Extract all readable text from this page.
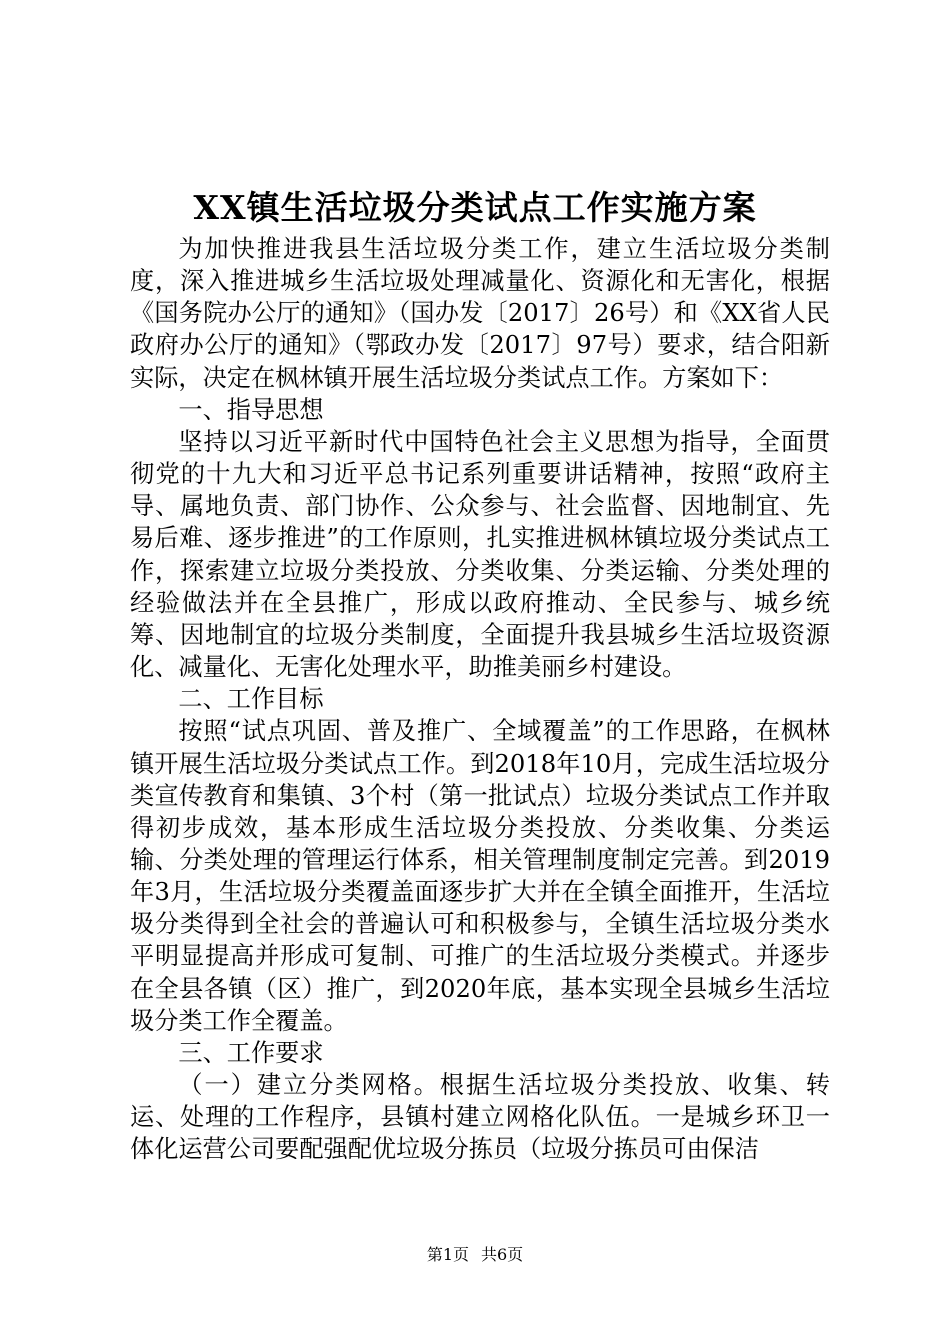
XX镇生活垃圾分类试点工作实施方案

为加快推进我县生活垃圾分类工作，建立生活垃圾分类制度，深入推进城乡生活垃圾处理减量化、资源化和无害化，根据《国务院办公厅的通知》（国办发〔2017〕26号）和《XX省人民政府办公厅的通知》（鄂政办发〔2017〕97号）要求，结合阳新实际，决定在枫林镇开展生活垃圾分类试点工作。方案如下：

一、指导思想

坚持以习近平新时代中国特色社会主义思想为指导，全面贯彻党的十九大和习近平总书记系列重要讲话精神，按照“政府主导、属地负责、部门协作、公众参与、社会监督、因地制宜、先易后难、逐步推进”的工作原则，扎实推进枫林镇垃圾分类试点工作，探索建立垃圾分类投放、分类收集、分类运输、分类处理的经验做法并在全县推广，形成以政府推动、全民参与、城乡统筹、因地制宜的垃圾分类制度，全面提升我县城乡生活垃圾资源化、减量化、无害化处理水平，助推美丽乡村建设。

二、工作目标

按照“试点巩固、普及推广、全域覆盖”的工作思路，在枫林镇开展生活垃圾分类试点工作。到2018年10月，完成生活垃圾分类宣传教育和集镇、3个村（第一批试点）垃圾分类试点工作并取得初步成效，基本形成生活垃圾分类投放、分类收集、分类运输、分类处理的管理运行体系，相关管理制度制定完善。到2019年3月，生活垃圾分类覆盖面逐步扩大并在全镇全面推开，生活垃圾分类得到全社会的普遍认可和积极参与，全镇生活垃圾分类水平明显提高并形成可复制、可推广的生活垃圾分类模式。并逐步在全县各镇（区）推广，到2020年底，基本实现全县城乡生活垃圾分类工作全覆盖。

三、工作要求

（一）建立分类网格。根据生活垃圾分类投放、收集、转运、处理的工作程序，县镇村建立网格化队伍。一是城乡环卫一体化运营公司要配强配优垃圾分拣员（垃圾分拣员可由保洁

第1页 共6页
